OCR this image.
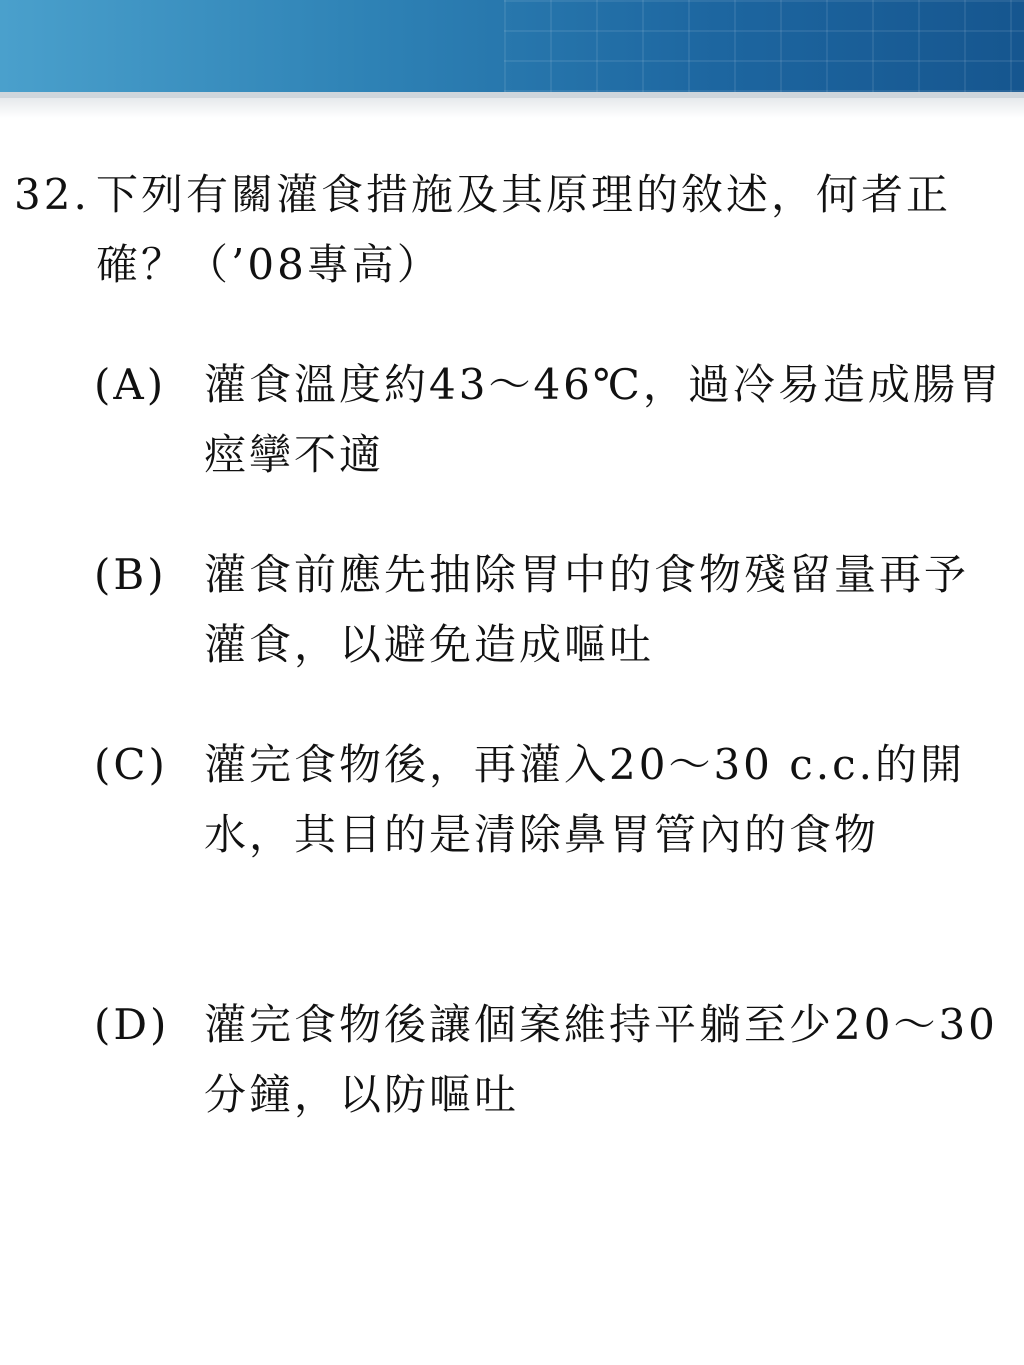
32. 下列有關灌食措施及其原理的敘述，何者正確？（’08專高）
(A) 灌食溫度約43～46℃，過冷易造成腸胃痙攣不適
(B) 灌食前應先抽除胃中的食物殘留量再予灌食，以避免造成嘔吐
(C) 灌完食物後，再灌入20～30 c.c.的開水，其目的是清除鼻胃管內的食物
(D) 灌完食物後讓個案維持平躺至少20～30分鐘，以防嘔吐
